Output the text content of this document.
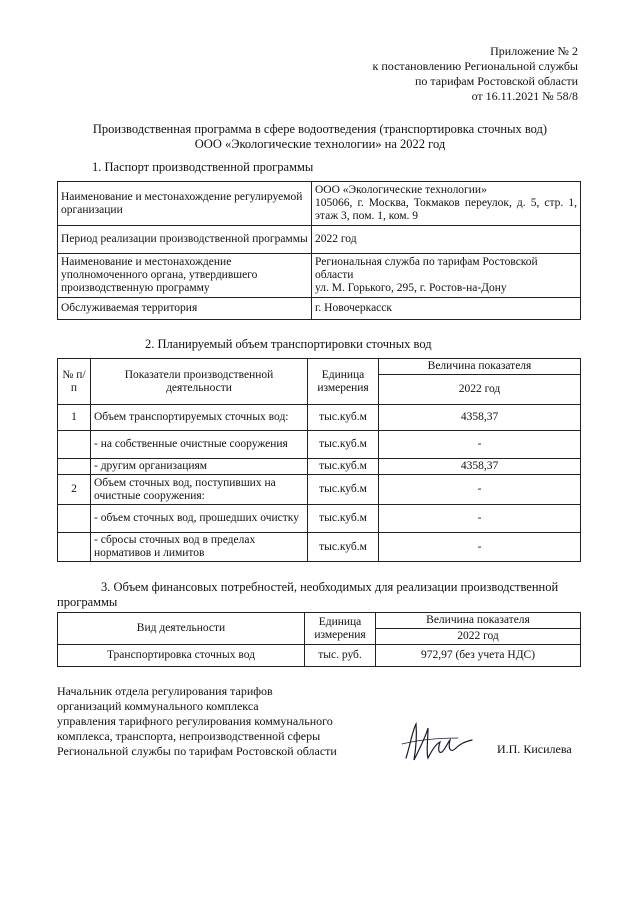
Приложение № 2
к постановлению Региональной службы
по тарифам Ростовской области
от 16.11.2021 № 58/8
Производственная программа в сфере водоотведения (транспортировка сточных вод)
ООО «Экологические технологии» на 2022 год
1. Паспорт производственной программы
Наименование и местонахождение регулируемой организации	ООО «Экологические технологии»
105066, г. Москва, Токмаков переулок, д. 5, стр. 1, этаж 3, пом. 1, ком. 9

Период реализации производственной программы	2022 год
Наименование и местонахождение уполномоченного органа, утвердившего производственную программу	Региональная служба по тарифам Ростовской области
ул. М. Горького, 295, г. Ростов-на-Дону

Обслуживаемая территория	г. Новочеркасск
2. Планируемый объем транспортировки сточных вод
№ п/п	Показатели производственной деятельности	Единица измерения	Величина показателя
			2022 год
1	Объем транспортируемых сточных вод:	тыс.куб.м	4358,37
	- на собственные очистные сооружения	тыс.куб.м	-
	- другим организациям	тыс.куб.м	4358,37
2	Объем сточных вод, поступивших на очистные сооружения:	тыс.куб.м	-
	- объем сточных вод, прошедших очистку	тыс.куб.м	-
	- сбросы сточных вод в пределах нормативов и лимитов	тыс.куб.м	-
3. Объем финансовых потребностей, необходимых для реализации производственной
программы
Вид деятельности	Единица измерения	Величина показателя
		2022 год
Транспортировка сточных вод	тыс. руб.	972,97 (без учета НДС)
Начальник отдела регулирования тарифов
организаций коммунального комплекса
управления тарифного регулирования коммунального
комплекса, транспорта, непроизводственной сферы
Региональной службы по тарифам Ростовской области	И.П. Кисилева
